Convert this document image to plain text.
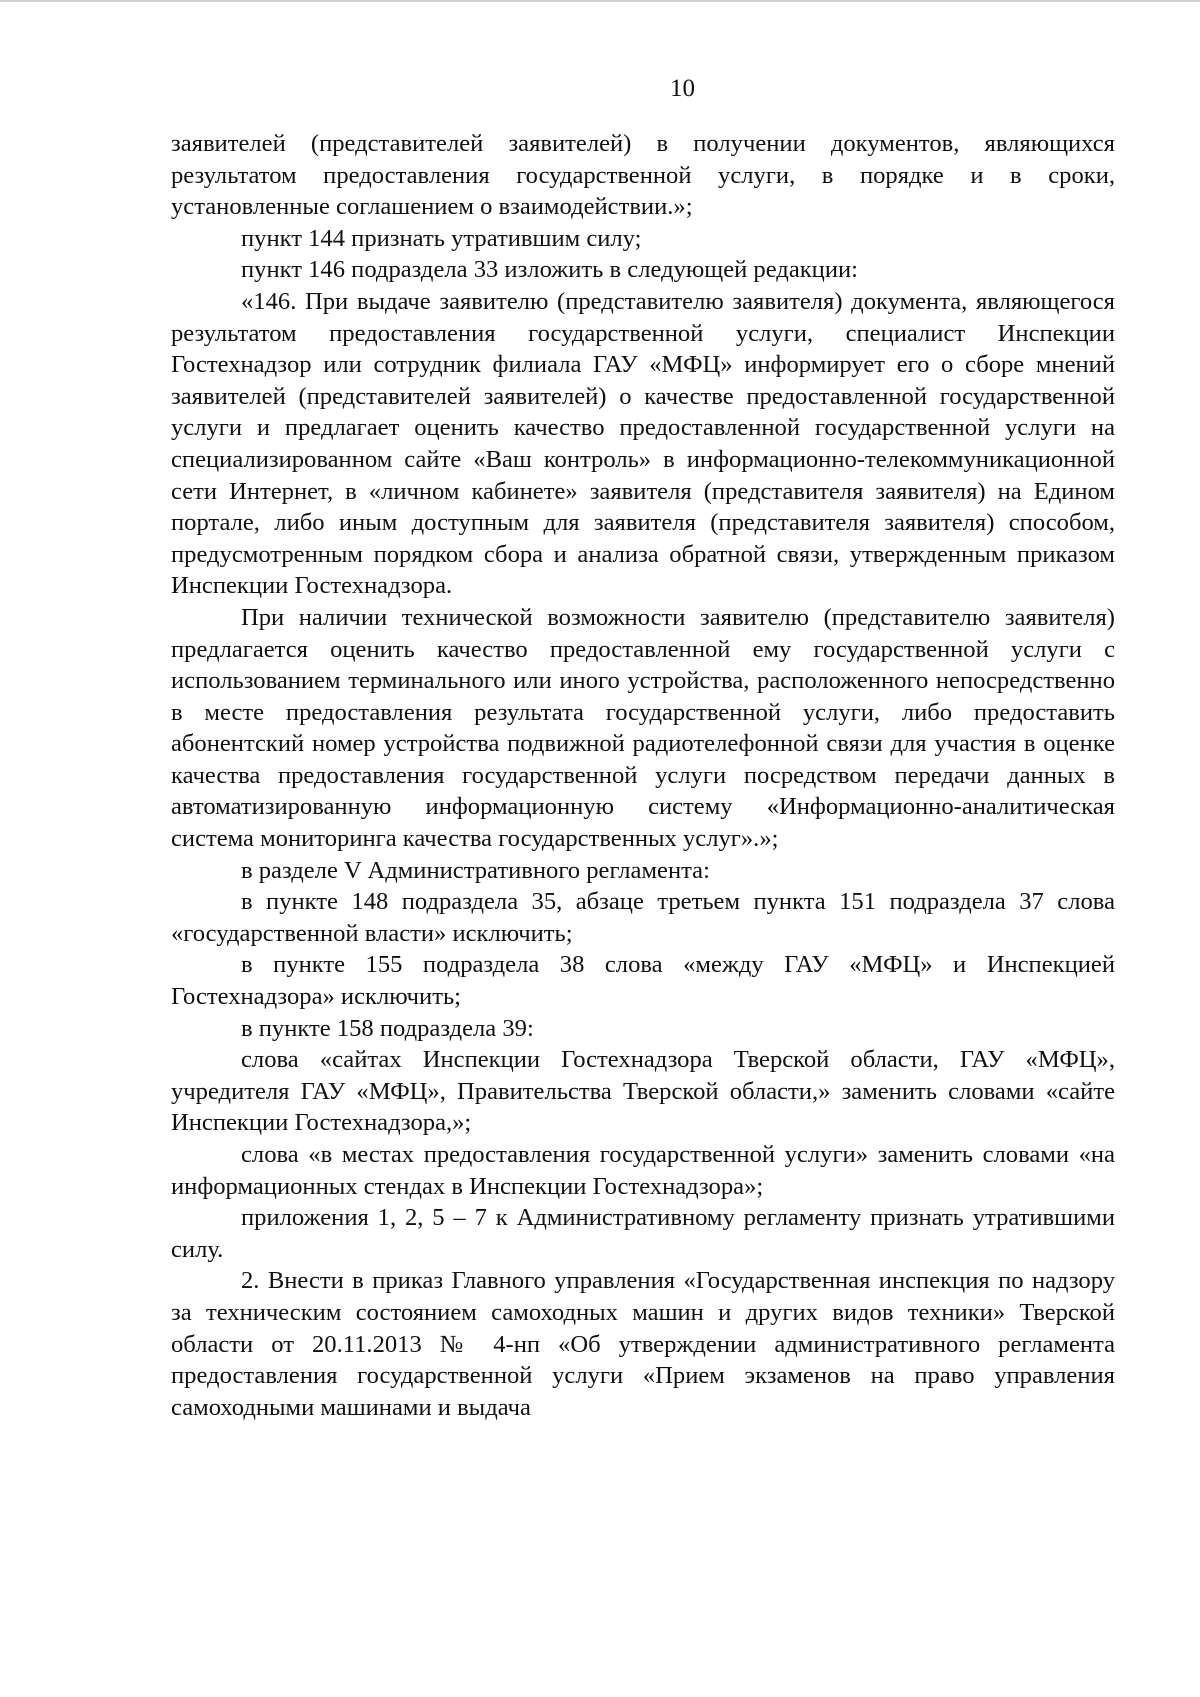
10

заявителей (представителей заявителей) в получении документов, являющихся результатом предоставления государственной услуги, в порядке и в сроки, установленные соглашением о взаимодействии.»;

пункт 144 признать утратившим силу;

пункт 146 подраздела 33 изложить в следующей редакции:

«146. При выдаче заявителю (представителю заявителя) документа, являющегося результатом предоставления государственной услуги, специалист Инспекции Гостехнадзор или сотрудник филиала ГАУ «МФЦ» информирует его о сборе мнений заявителей (представителей заявителей) о качестве предоставленной государственной услуги и предлагает оценить качество предоставленной государственной услуги на специализированном сайте «Ваш контроль» в информационно-телекоммуникационной сети Интернет, в «личном кабинете» заявителя (представителя заявителя) на Едином портале, либо иным доступным для заявителя (представителя заявителя) способом, предусмотренным порядком сбора и анализа обратной связи, утвержденным приказом Инспекции Гостехнадзора.

При наличии технической возможности заявителю (представителю заявителя) предлагается оценить качество предоставленной ему государственной услуги с использованием терминального или иного устройства, расположенного непосредственно в месте предоставления результата государственной услуги, либо предоставить абонентский номер устройства подвижной радиотелефонной связи для участия в оценке качества предоставления государственной услуги посредством передачи данных в автоматизированную информационную систему «Информационно-аналитическая система мониторинга качества государственных услуг».»;

в разделе V Административного регламента:

в пункте 148 подраздела 35, абзаце третьем пункта 151 подраздела 37 слова «государственной власти» исключить;

в пункте 155 подраздела 38 слова «между ГАУ «МФЦ» и Инспекцией Гостехнадзора» исключить;

в пункте 158 подраздела 39:

слова «сайтах Инспекции Гостехнадзора Тверской области, ГАУ «МФЦ», учредителя ГАУ «МФЦ», Правительства Тверской области,» заменить словами «сайте Инспекции Гостехнадзора,»;

слова «в местах предоставления государственной услуги» заменить словами «на информационных стендах в Инспекции Гостехнадзора»;

приложения 1, 2, 5 – 7 к Административному регламенту признать утратившими силу.

2. Внести в приказ Главного управления «Государственная инспекция по надзору за техническим состоянием самоходных машин и других видов техники» Тверской области от 20.11.2013 № 4-нп «Об утверждении административного регламента предоставления государственной услуги «Прием экзаменов на право управления самоходными машинами и выдача
